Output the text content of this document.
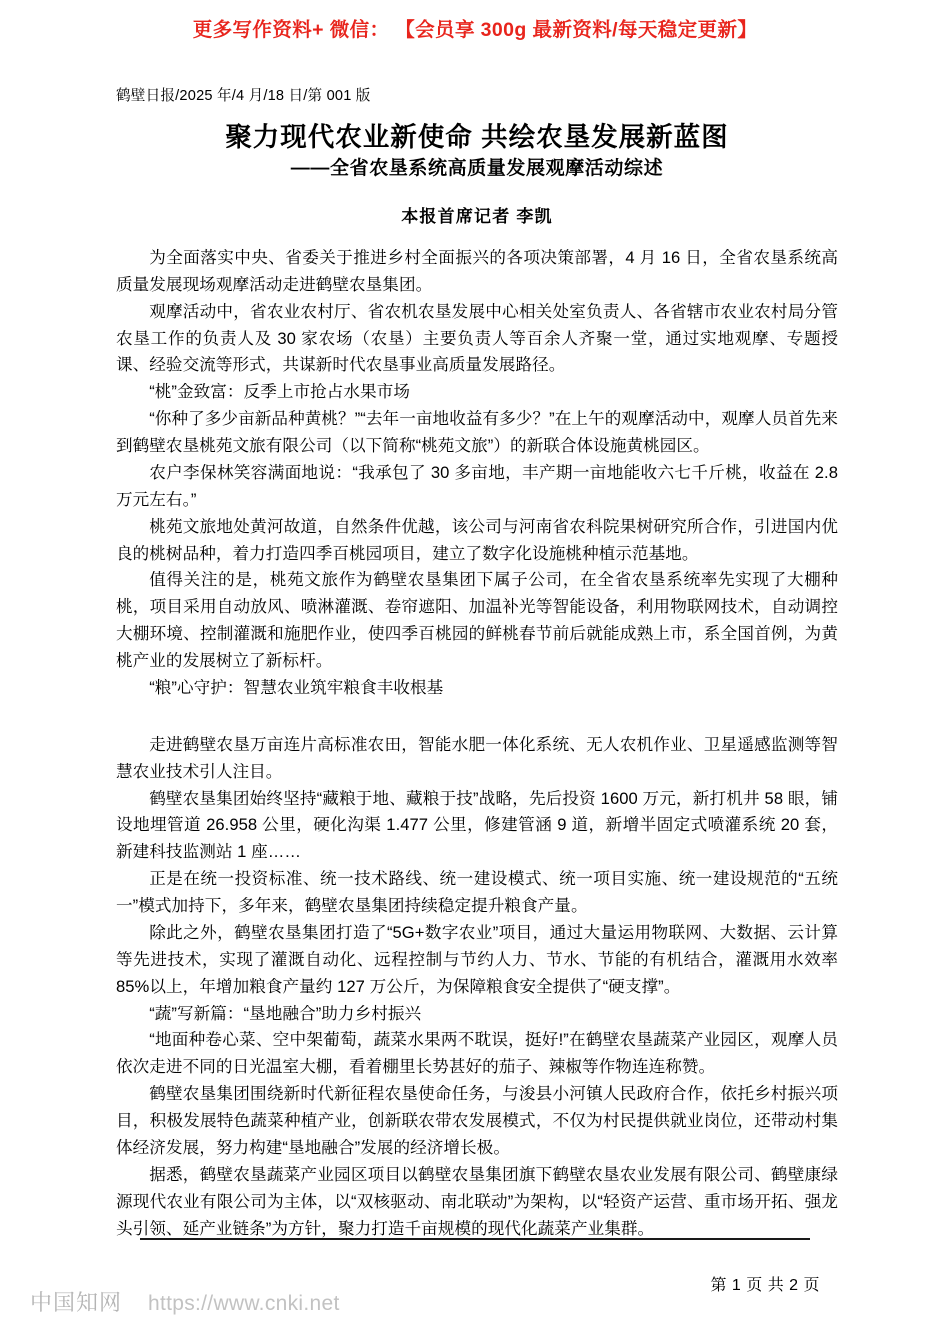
更多写作资料+ 微信： 【会员享 300g 最新资料/每天稳定更新】
鹤壁日报/2025 年/4 月/18 日/第 001 版
聚力现代农业新使命 共绘农垦发展新蓝图
——全省农垦系统高质量发展观摩活动综述
本报首席记者 李凯

为全面落实中央、省委关于推进乡村全面振兴的各项决策部署，4 月 16 日，全省农垦系统高质量发展现场观摩活动走进鹤壁农垦集团。

观摩活动中，省农业农村厅、省农机农垦发展中心相关处室负责人、各省辖市农业农村局分管农垦工作的负责人及 30 家农场（农垦）主要负责人等百余人齐聚一堂，通过实地观摩、专题授课、经验交流等形式，共谋新时代农垦事业高质量发展路径。

“桃”金致富：反季上市抢占水果市场

“你种了多少亩新品种黄桃？”“去年一亩地收益有多少？”在上午的观摩活动中，观摩人员首先来到鹤壁农垦桃苑文旅有限公司（以下简称“桃苑文旅”）的新联合体设施黄桃园区。

农户李保林笑容满面地说：“我承包了 30 多亩地，丰产期一亩地能收六七千斤桃，收益在 2.8 万元左右。”

桃苑文旅地处黄河故道，自然条件优越，该公司与河南省农科院果树研究所合作，引进国内优良的桃树品种，着力打造四季百桃园项目，建立了数字化设施桃种植示范基地。

值得关注的是，桃苑文旅作为鹤壁农垦集团下属子公司，在全省农垦系统率先实现了大棚种桃，项目采用自动放风、喷淋灌溉、卷帘遮阳、加温补光等智能设备，利用物联网技术，自动调控大棚环境、控制灌溉和施肥作业，使四季百桃园的鲜桃春节前后就能成熟上市，系全国首例，为黄桃产业的发展树立了新标杆。

“粮”心守护：智慧农业筑牢粮食丰收根基

走进鹤壁农垦万亩连片高标准农田，智能水肥一体化系统、无人农机作业、卫星遥感监测等智慧农业技术引人注目。

鹤壁农垦集团始终坚持“藏粮于地、藏粮于技”战略，先后投资 1600 万元，新打机井 58 眼，铺设地埋管道 26.958 公里，硬化沟渠 1.477 公里，修建管涵 9 道，新增半固定式喷灌系统 20 套，新建科技监测站 1 座……

正是在统一投资标准、统一技术路线、统一建设模式、统一项目实施、统一建设规范的“五统一”模式加持下，多年来，鹤壁农垦集团持续稳定提升粮食产量。

除此之外，鹤壁农垦集团打造了“5G+数字农业”项目，通过大量运用物联网、大数据、云计算等先进技术，实现了灌溉自动化、远程控制与节约人力、节水、节能的有机结合，灌溉用水效率 85%以上，年增加粮食产量约 127 万公斤，为保障粮食安全提供了“硬支撑”。

“蔬”写新篇：“垦地融合”助力乡村振兴

“地面种卷心菜、空中架葡萄，蔬菜水果两不耽误，挺好!”在鹤壁农垦蔬菜产业园区，观摩人员依次走进不同的日光温室大棚，看着棚里长势甚好的茄子、辣椒等作物连连称赞。

鹤壁农垦集团围绕新时代新征程农垦使命任务，与浚县小河镇人民政府合作，依托乡村振兴项目，积极发展特色蔬菜种植产业，创新联农带农发展模式，不仅为村民提供就业岗位，还带动村集体经济发展，努力构建“垦地融合”发展的经济增长极。

据悉，鹤壁农垦蔬菜产业园区项目以鹤壁农垦集团旗下鹤壁农垦农业发展有限公司、鹤壁康绿源现代农业有限公司为主体，以“双核驱动、南北联动”为架构，以“轻资产运营、重市场开拓、强龙头引领、延产业链条”为方针，聚力打造千亩规模的现代化蔬菜产业集群。

第 1 页 共 2 页
中国知网 https://www.cnki.net
